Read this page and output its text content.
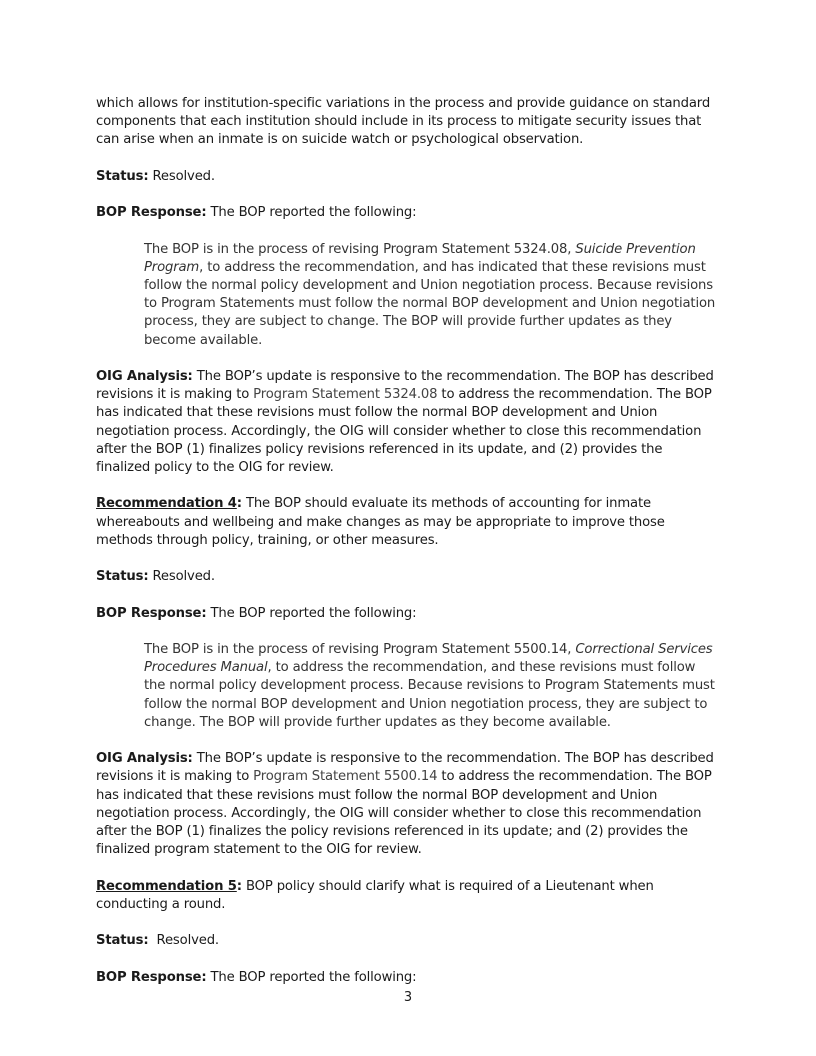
which allows for institution-specific variations in the process and provide guidance on standard components that each institution should include in its process to mitigate security issues that can arise when an inmate is on suicide watch or psychological observation.

Status: Resolved.

BOP Response: The BOP reported the following:

The BOP is in the process of revising Program Statement 5324.08, Suicide Prevention Program, to address the recommendation, and has indicated that these revisions must follow the normal policy development and Union negotiation process. Because revisions to Program Statements must follow the normal BOP development and Union negotiation process, they are subject to change. The BOP will provide further updates as they become available.

OIG Analysis: The BOP’s update is responsive to the recommendation. The BOP has described revisions it is making to Program Statement 5324.08 to address the recommendation. The BOP has indicated that these revisions must follow the normal BOP development and Union negotiation process. Accordingly, the OIG will consider whether to close this recommendation after the BOP (1) finalizes policy revisions referenced in its update, and (2) provides the finalized policy to the OIG for review.

Recommendation 4: The BOP should evaluate its methods of accounting for inmate whereabouts and wellbeing and make changes as may be appropriate to improve those methods through policy, training, or other measures.

Status: Resolved.

BOP Response: The BOP reported the following:

The BOP is in the process of revising Program Statement 5500.14, Correctional Services Procedures Manual, to address the recommendation, and these revisions must follow the normal policy development process. Because revisions to Program Statements must follow the normal BOP development and Union negotiation process, they are subject to change. The BOP will provide further updates as they become available.

OIG Analysis: The BOP’s update is responsive to the recommendation. The BOP has described revisions it is making to Program Statement 5500.14 to address the recommendation. The BOP has indicated that these revisions must follow the normal BOP development and Union negotiation process. Accordingly, the OIG will consider whether to close this recommendation after the BOP (1) finalizes the policy revisions referenced in its update; and (2) provides the finalized program statement to the OIG for review.

Recommendation 5: BOP policy should clarify what is required of a Lieutenant when conducting a round.

Status:  Resolved.

BOP Response: The BOP reported the following:

3
